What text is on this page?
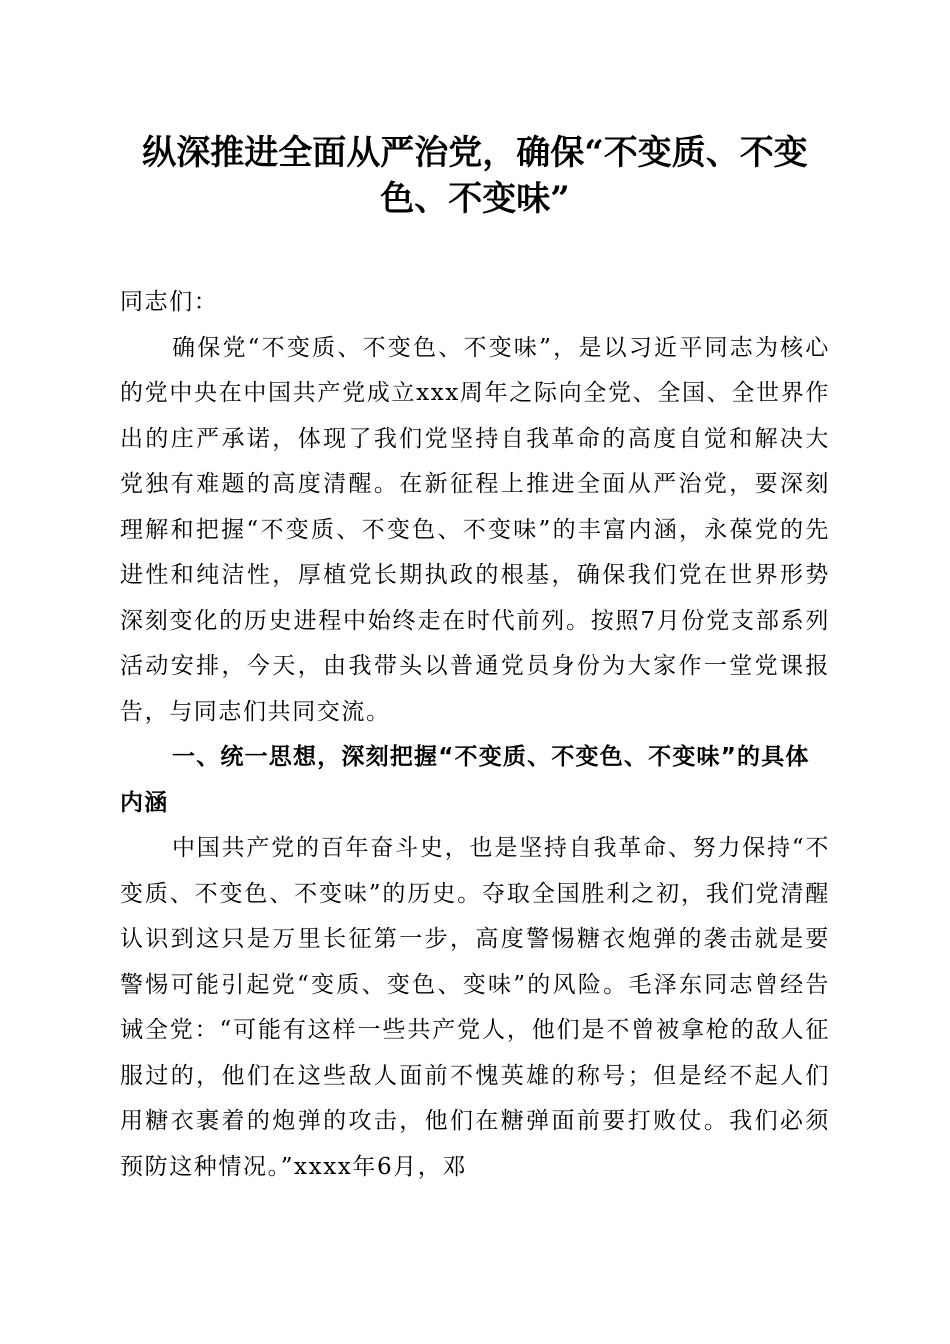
纵深推进全面从严治党，确保“不变质、不变色、不变味”

同志们：

确保党“不变质、不变色、不变味”，是以习近平同志为核心的党中央在中国共产党成立xxx周年之际向全党、全国、全世界作出的庄严承诺，体现了我们党坚持自我革命的高度自觉和解决大党独有难题的高度清醒。在新征程上推进全面从严治党，要深刻理解和把握“不变质、不变色、不变味”的丰富内涵，永葆党的先进性和纯洁性，厚植党长期执政的根基，确保我们党在世界形势深刻变化的历史进程中始终走在时代前列。按照7月份党支部系列活动安排，今天，由我带头以普通党员身份为大家作一堂党课报告，与同志们共同交流。

一、统一思想，深刻把握“不变质、不变色、不变味”的具体内涵

中国共产党的百年奋斗史，也是坚持自我革命、努力保持“不变质、不变色、不变味”的历史。夺取全国胜利之初，我们党清醒认识到这只是万里长征第一步，高度警惕糖衣炮弹的袭击就是要警惕可能引起党“变质、变色、变味”的风险。毛泽东同志曾经告诫全党：“可能有这样一些共产党人，他们是不曾被拿枪的敌人征服过的，他们在这些敌人面前不愧英雄的称号；但是经不起人们用糖衣裹着的炮弹的攻击，他们在糖弹面前要打败仗。我们必须预防这种情况。”xxxx年6月，邓
